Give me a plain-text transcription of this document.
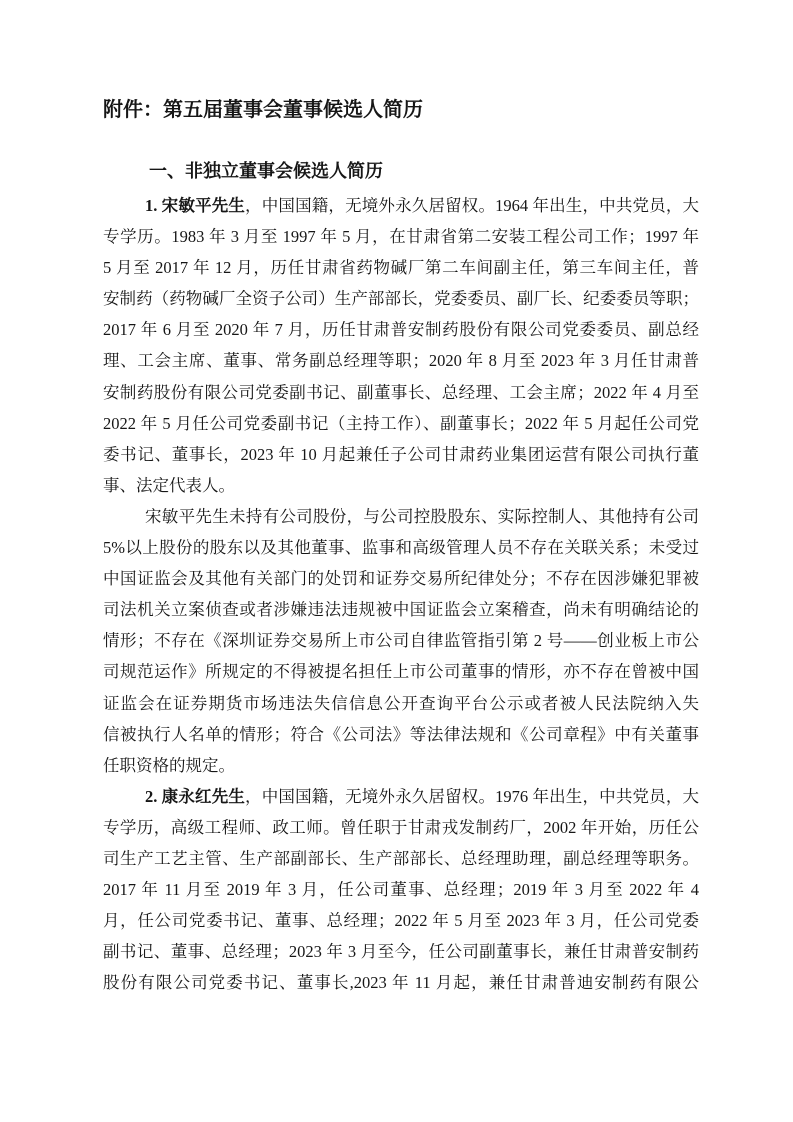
附件：第五届董事会董事候选人简历
一、非独立董事会候选人简历
1. 宋敏平先生，中国国籍，无境外永久居留权。1964 年出生，中共党员，大
专学历。1983 年 3 月至 1997 年 5 月，在甘肃省第二安装工程公司工作；1997 年
5 月至 2017 年 12 月，历任甘肃省药物碱厂第二车间副主任，第三车间主任，普
安制药（药物碱厂全资子公司）生产部部长，党委委员、副厂长、纪委委员等职；
2017 年 6 月至 2020 年 7 月，历任甘肃普安制药股份有限公司党委委员、副总经
理、工会主席、董事、常务副总经理等职；2020 年 8 月至 2023 年 3 月任甘肃普
安制药股份有限公司党委副书记、副董事长、总经理、工会主席；2022 年 4 月至
2022 年 5 月任公司党委副书记（主持工作）、副董事长；2022 年 5 月起任公司党
委书记、董事长，2023 年 10 月起兼任子公司甘肃药业集团运营有限公司执行董
事、法定代表人。
宋敏平先生未持有公司股份，与公司控股股东、实际控制人、其他持有公司
5%以上股份的股东以及其他董事、监事和高级管理人员不存在关联关系；未受过
中国证监会及其他有关部门的处罚和证券交易所纪律处分；不存在因涉嫌犯罪被
司法机关立案侦查或者涉嫌违法违规被中国证监会立案稽查，尚未有明确结论的
情形；不存在《深圳证券交易所上市公司自律监管指引第 2 号——创业板上市公
司规范运作》所规定的不得被提名担任上市公司董事的情形，亦不存在曾被中国
证监会在证券期货市场违法失信信息公开查询平台公示或者被人民法院纳入失
信被执行人名单的情形；符合《公司法》等法律法规和《公司章程》中有关董事
任职资格的规定。
2. 康永红先生，中国国籍，无境外永久居留权。1976 年出生，中共党员，大
专学历，高级工程师、政工师。曾任职于甘肃戎发制药厂，2002 年开始，历任公
司生产工艺主管、生产部副部长、生产部部长、总经理助理，副总经理等职务。
2017 年 11 月至 2019 年 3 月，任公司董事、总经理；2019 年 3 月至 2022 年 4
月，任公司党委书记、董事、总经理；2022 年 5 月至 2023 年 3 月，任公司党委
副书记、董事、总经理；2023 年 3 月至今，任公司副董事长，兼任甘肃普安制药
股份有限公司党委书记、董事长,2023 年 11 月起，兼任甘肃普迪安制药有限公
